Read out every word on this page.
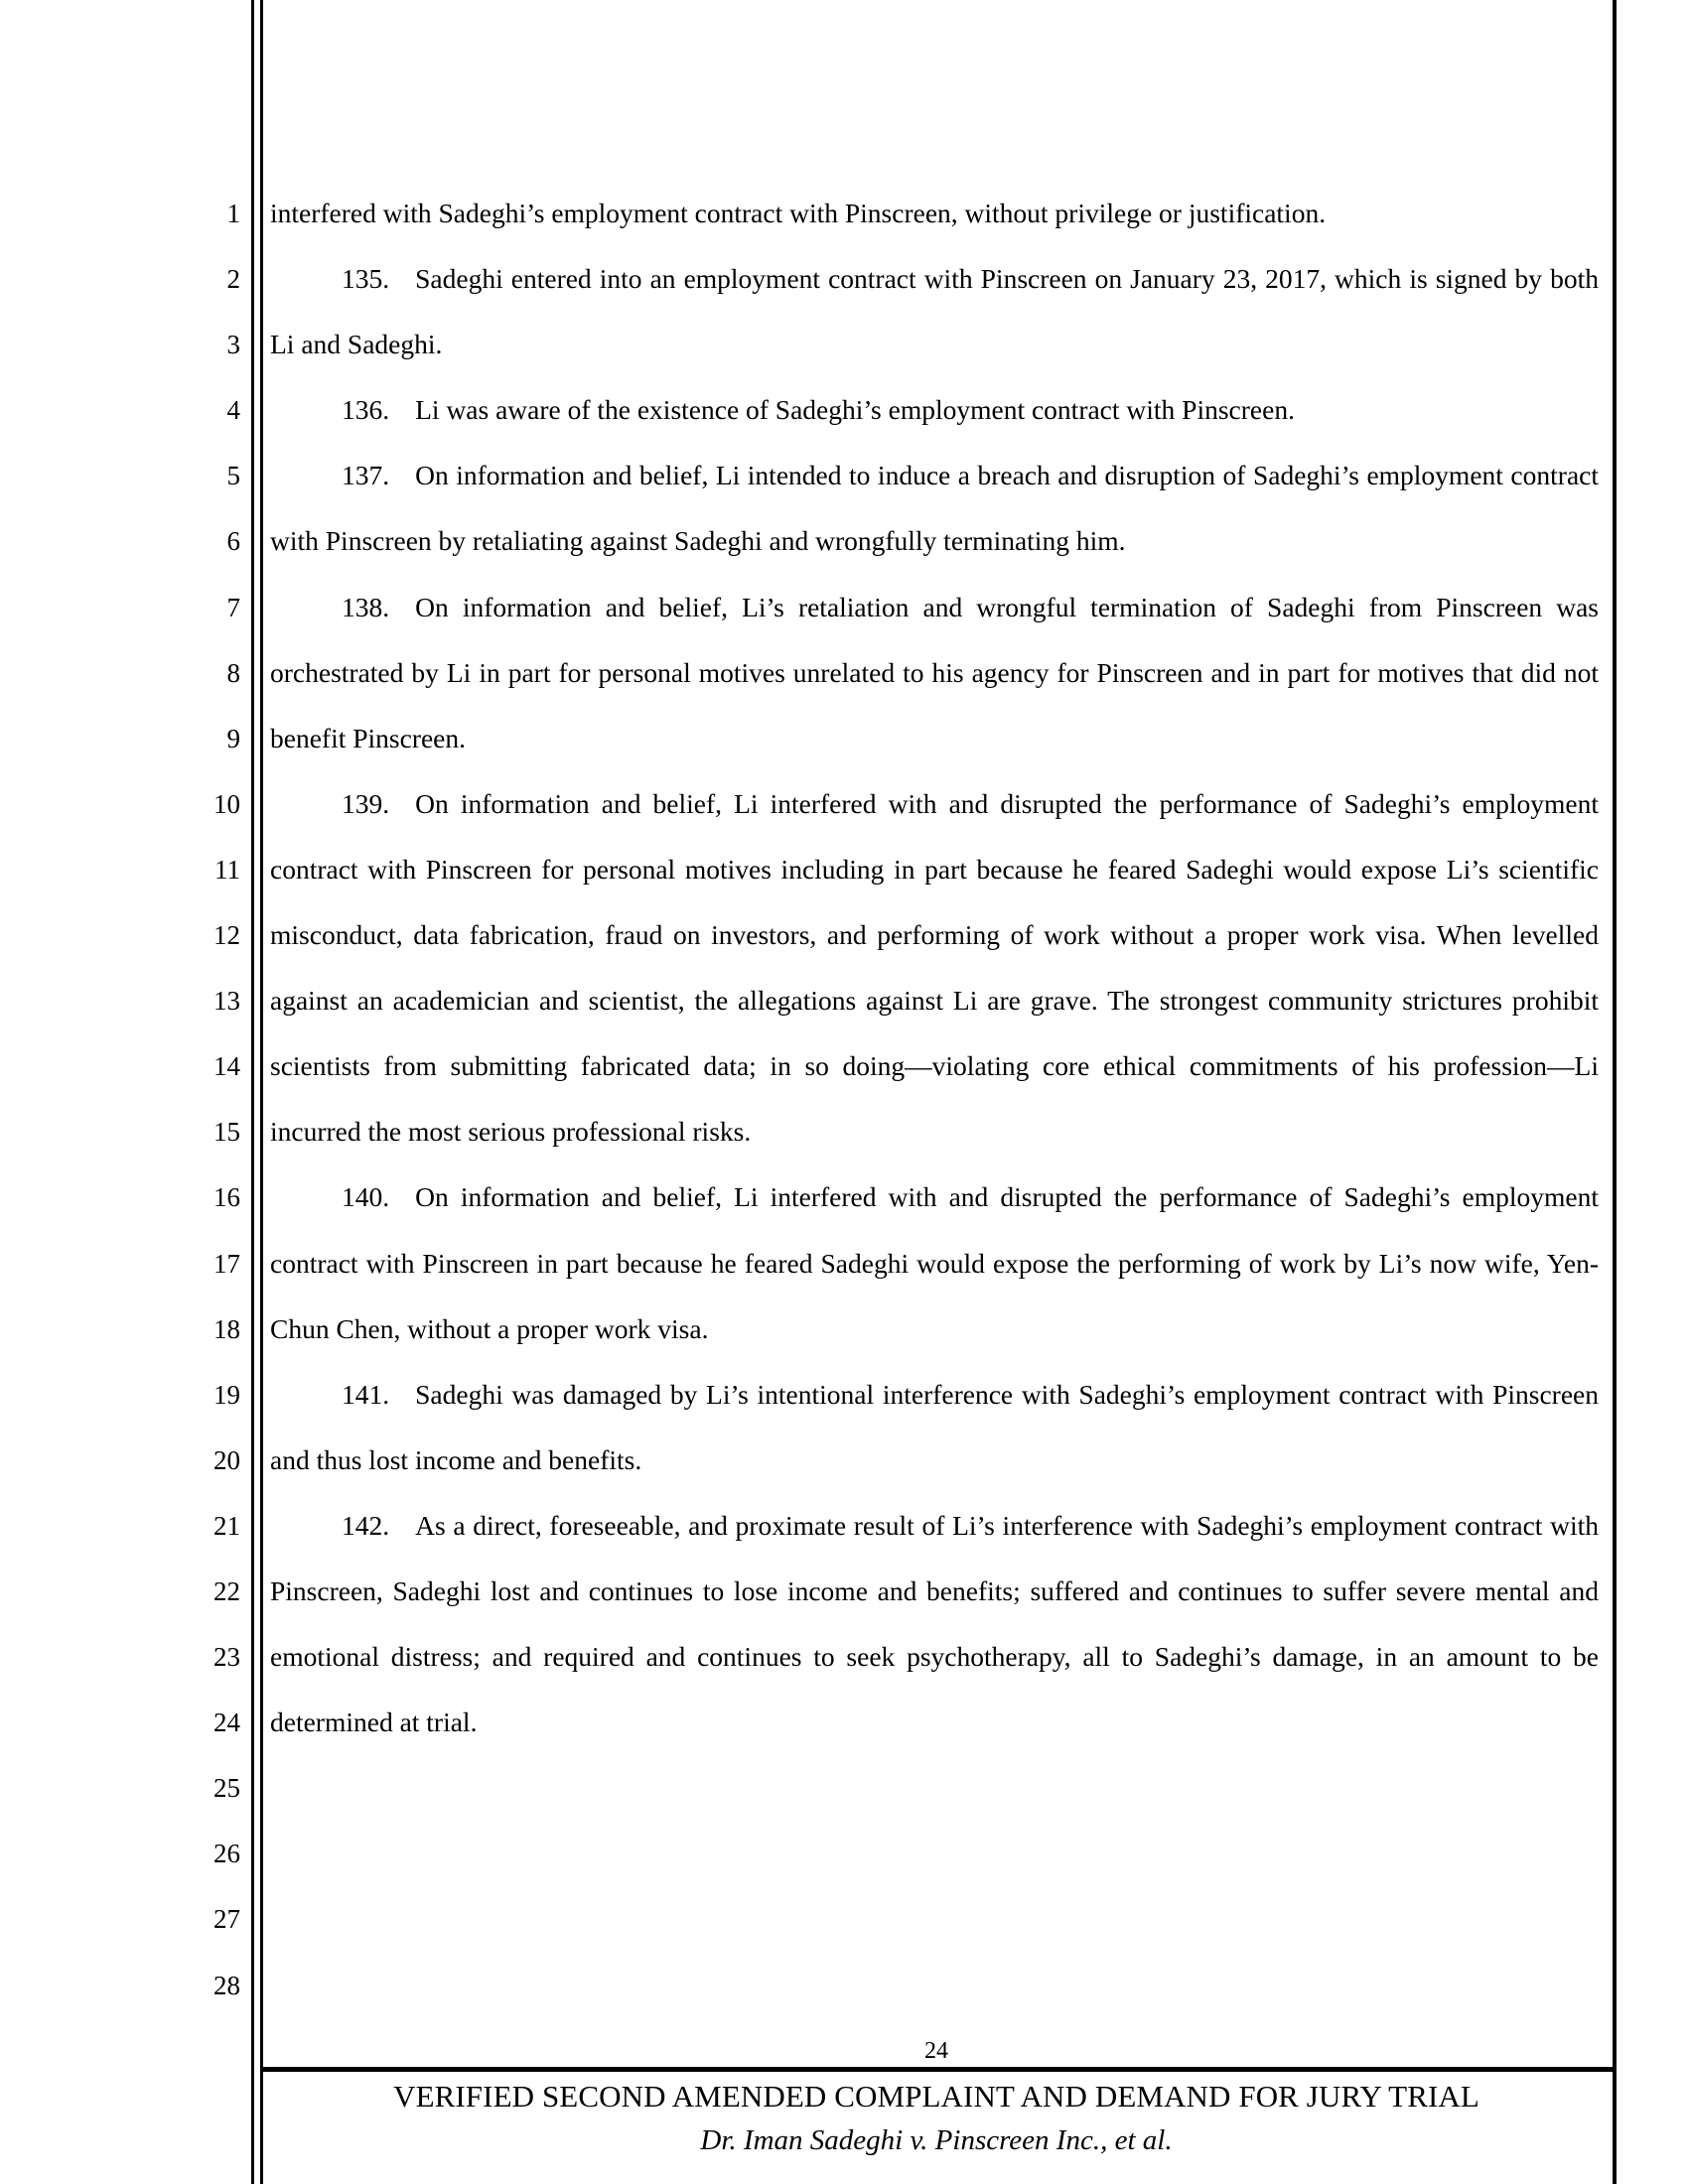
1
2
3
4
5
6
7
8
9
10
11
12
13
14
15
16
17
18
19
20
21
22
23
24
25
26
27
28

interfered with Sadeghi’s employment contract with Pinscreen, without privilege or justification.

135. Sadeghi entered into an employment contract with Pinscreen on January 23, 2017, which is signed by both Li and Sadeghi.

136. Li was aware of the existence of Sadeghi’s employment contract with Pinscreen.

137. On information and belief, Li intended to induce a breach and disruption of Sadeghi’s employment contract with Pinscreen by retaliating against Sadeghi and wrongfully terminating him.

138. On information and belief, Li’s retaliation and wrongful termination of Sadeghi from Pinscreen was orchestrated by Li in part for personal motives unrelated to his agency for Pinscreen and in part for motives that did not benefit Pinscreen.

139. On information and belief, Li interfered with and disrupted the performance of Sadeghi’s employment contract with Pinscreen for personal motives including in part because he feared Sadeghi would expose Li’s scientific misconduct, data fabrication, fraud on investors, and performing of work without a proper work visa. When levelled against an academician and scientist, the allegations against Li are grave. The strongest community strictures prohibit scientists from submitting fabricated data; in so doing—violating core ethical commitments of his profession—Li incurred the most serious professional risks.

140. On information and belief, Li interfered with and disrupted the performance of Sadeghi’s employment contract with Pinscreen in part because he feared Sadeghi would expose the performing of work by Li’s now wife, Yen-Chun Chen, without a proper work visa.

141. Sadeghi was damaged by Li’s intentional interference with Sadeghi’s employment contract with Pinscreen and thus lost income and benefits.

142. As a direct, foreseeable, and proximate result of Li’s interference with Sadeghi’s employment contract with Pinscreen, Sadeghi lost and continues to lose income and benefits; suffered and continues to suffer severe mental and emotional distress; and required and continues to seek psychotherapy, all to Sadeghi’s damage, in an amount to be determined at trial.

24
VERIFIED SECOND AMENDED COMPLAINT AND DEMAND FOR JURY TRIAL
Dr. Iman Sadeghi v. Pinscreen Inc., et al.
